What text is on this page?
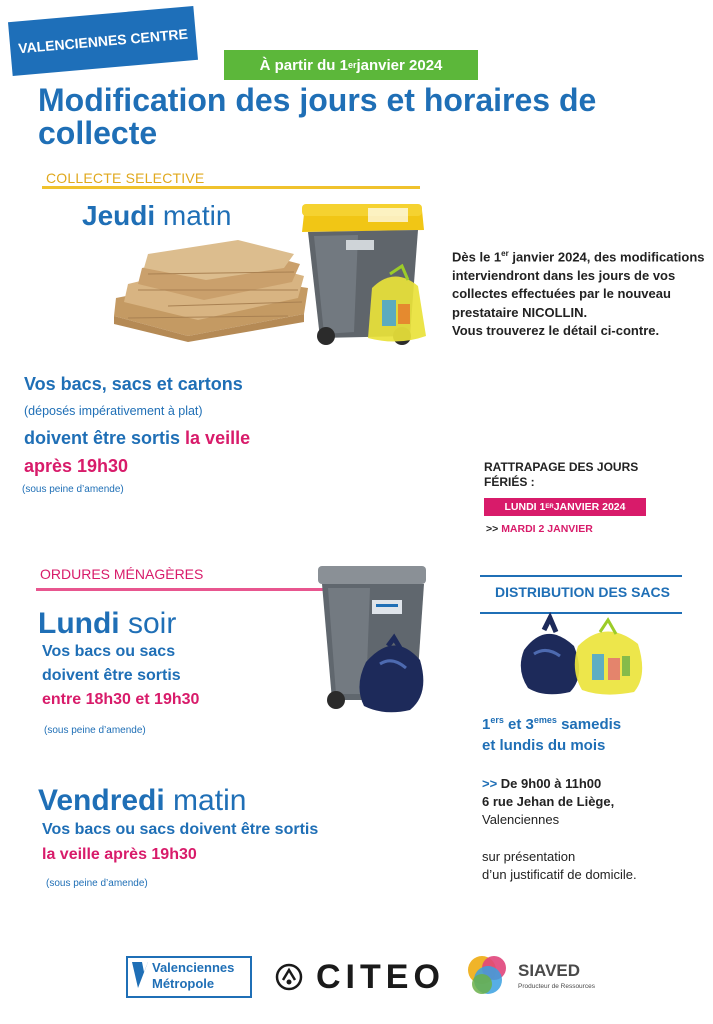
VALENCIENNES CENTRE
À partir du 1 er janvier 2024
Modification des jours et horaires de collecte
COLLECTE SELECTIVE
Jeudi matin
Dès le 1er janvier 2024, des modifications interviendront dans les jours de vos collectes effectuées par le nouveau prestataire NICOLLIN.
Vous trouverez le détail ci-contre.
Vos bacs, sacs et cartons
(déposés impérativement à plat)
doivent être sortis la veille
après 19h30
(sous peine d’amende)
RATTRAPAGE DES JOURS FÉRIÉS :
LUNDI 1 ER JANVIER 2024
>> MARDI 2 JANVIER
ORDURES MÉNAGÈRES
Lundi soir
Vos bacs ou sacs
doivent être sortis
entre 18h30 et 19h30
(sous peine d’amende)
Vendredi matin
Vos bacs ou sacs doivent être sortis
la veille après 19h30
(sous peine d’amende)
DISTRIBUTION DES SACS
1ers et 3emes samedis
et lundis du mois
>> De 9h00 à 11h00
6 rue Jehan de Liège,
Valenciennes
sur présentation
d’un justificatif de domicile.
Valenciennes
Métropole	CITEO	SIAVED
Producteur de Ressources
